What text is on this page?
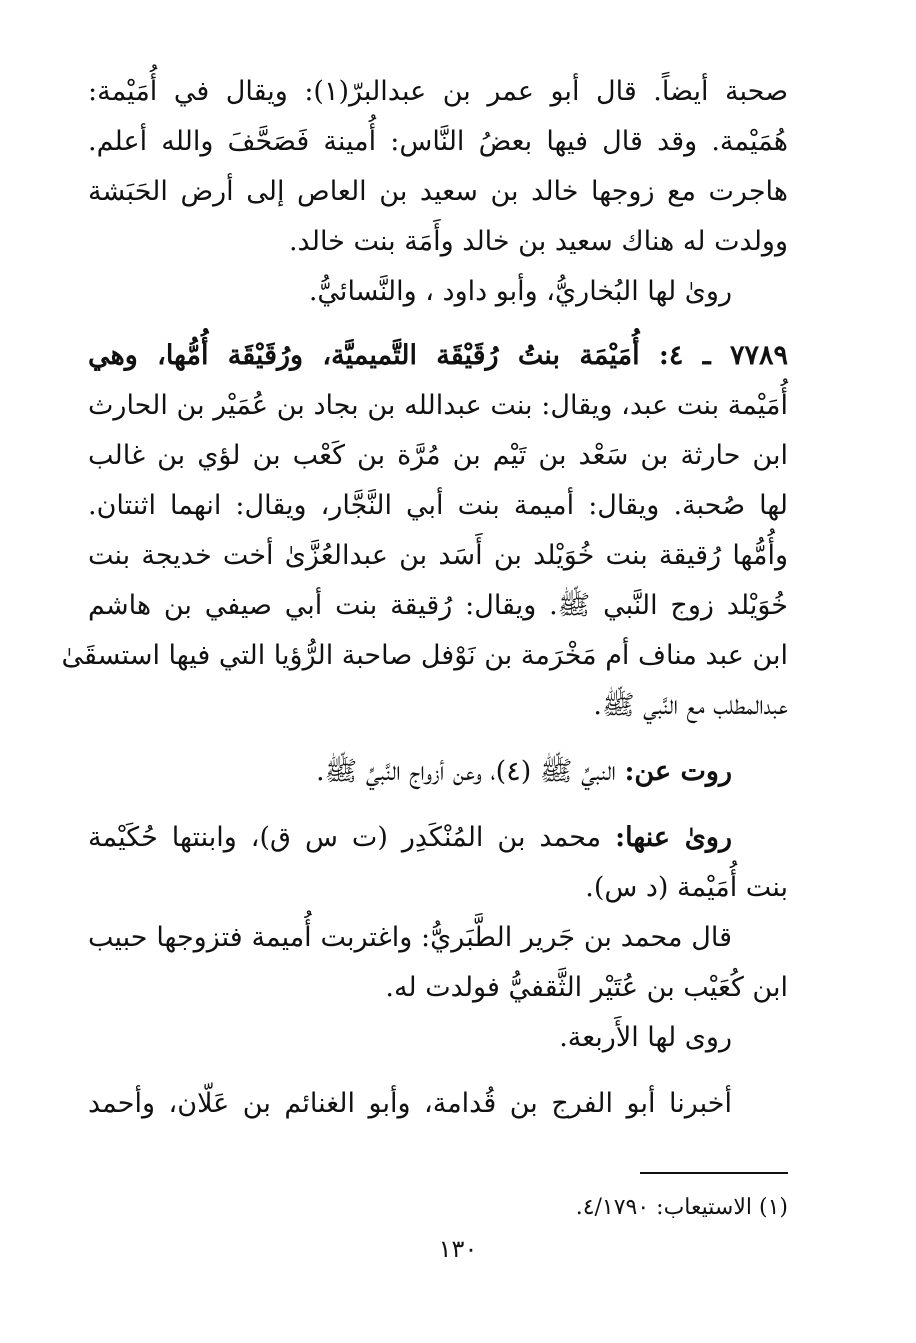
صحبة أيضاً. قال أبو عمر بن عبدالبرّ(١): ويقال في أُمَيْمة:
هُمَيْمة. وقد قال فيها بعضُ النَّاس: أُمينة فَصَحَّفَ والله أعلم.
هاجرت مع زوجها خالد بن سعيد بن العاص إلى أرض الحَبَشة
وولدت له هناك سعيد بن خالد وأَمَة بنت خالد.
روىٰ لها البُخاريُّ، وأبو داود ، والنَّسائيُّ.
٧٧٨٩ ـ ٤: أُمَيْمَة بنتُ رُقَيْقَة التَّميميَّة، ورُقَيْقَة أُمُّها، وهي
أُمَيْمة بنت عبد، ويقال: بنت عبدالله بن بجاد بن عُمَيْر بن الحارث
ابن حارثة بن سَعْد بن تَيْم بن مُرَّة بن كَعْب بن لؤي بن غالب
لها صُحبة. ويقال: أميمة بنت أبي النَّجَّار، ويقال: انهما اثنتان.
وأُمُّها رُقيقة بنت خُوَيْلد بن أَسَد بن عبدالعُزَّىٰ أخت خديجة بنت
خُوَيْلد زوج النَّبي ﷺ. ويقال: رُقيقة بنت أبي صيفي بن هاشم
ابن عبد مناف أم مَخْرَمة بن نَوْفل صاحبة الرُّؤيا التي فيها استسقَىٰ
عبدالمطلب مع النَّبي ﷺ.
روت عن: النبيِّ ﷺ (٤)، وعن أزواج النَّبيِّ ﷺ.
روىٰ عنها: محمد بن المُنْكَدِر (ت س ق)، وابنتها حُكَيْمة
بنت أُمَيْمة (د س).
قال محمد بن جَرير الطَّبَريُّ: واغتربت أُميمة فتزوجها حبيب
ابن كُعَيْب بن عُتَيْر الثَّقفيُّ فولدت له.
روى لها الأَربعة.
أخبرنا أبو الفرج بن قُدامة، وأبو الغنائم بن عَلّان، وأحمد
(١) الاستيعاب: ٤/١٧٩٠.
١٣٠
